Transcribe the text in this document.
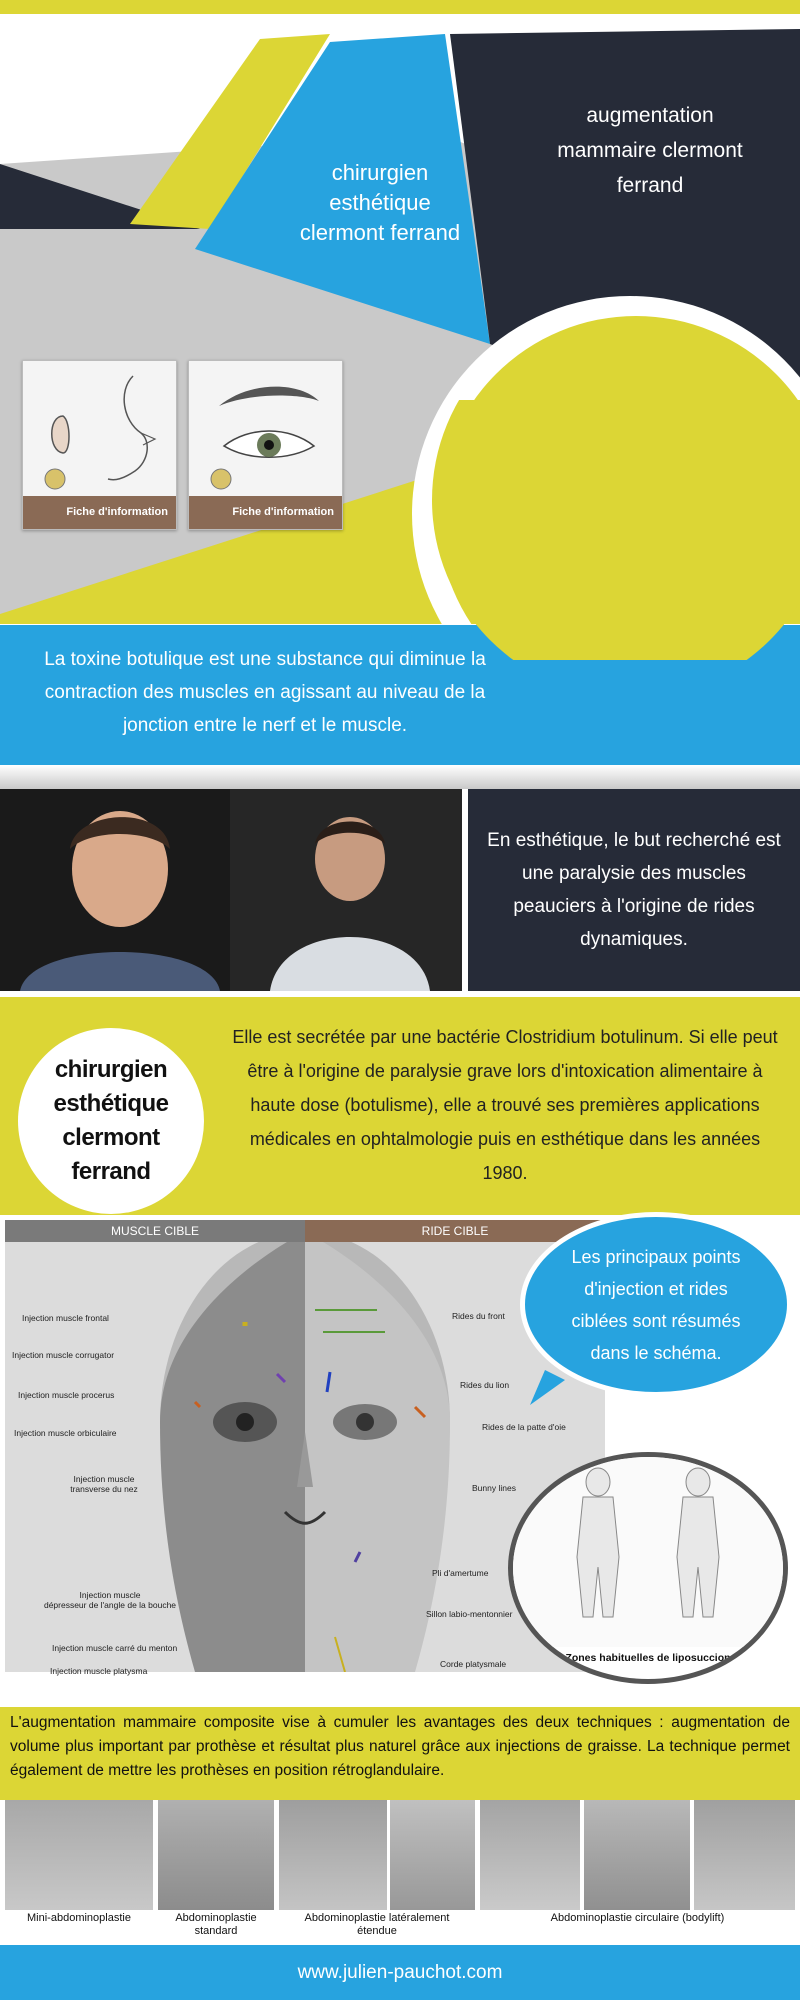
chirurgien
esthétique
clermont ferrand
augmentation
mammaire clermont
ferrand
Fiche d'information	Fiche d'information
La toxine botulique est une substance qui diminue la contraction des muscles en agissant au niveau de la jonction entre le nerf et le muscle.
En esthétique, le but recherché est une paralysie des muscles peauciers à l'origine de rides dynamiques.
chirurgien
esthétique
clermont
ferrand
Elle est secrétée par une bactérie Clostridium botulinum. Si elle peut être à l'origine de paralysie grave lors d'intoxication alimentaire à haute dose (botulisme), elle a trouvé ses premières applications médicales en ophtalmologie puis en esthétique dans les années 1980.
MUSCLE CIBLE	RIDE CIBLE
Injection muscle frontal
Injection muscle corrugator
Injection muscle procerus
Injection muscle orbiculaire
Injection muscle
transverse du nez
Injection muscle
dépresseur de l'angle de la bouche
Injection muscle carré du menton
Injection muscle platysma
Rides du front
Rides du lion
Rides de la patte d'oie
Bunny lines
Pli d'amertume
Sillon labio-mentonnier
Corde platysmale
Les principaux points d'injection et rides ciblées sont résumés dans le schéma.
Zones habituelles de liposuccion
L'augmentation mammaire composite vise à cumuler les avantages des deux techniques : augmentation de volume plus important par prothèse et résultat plus naturel grâce aux injections de graisse. La technique permet également de mettre les prothèses en position rétroglandulaire.
Mini-abdominoplastie	Abdominoplastie
standard
Abdominoplastie latéralement
étendue
Abdominoplastie circulaire (bodylift)
www.julien-pauchot.com
